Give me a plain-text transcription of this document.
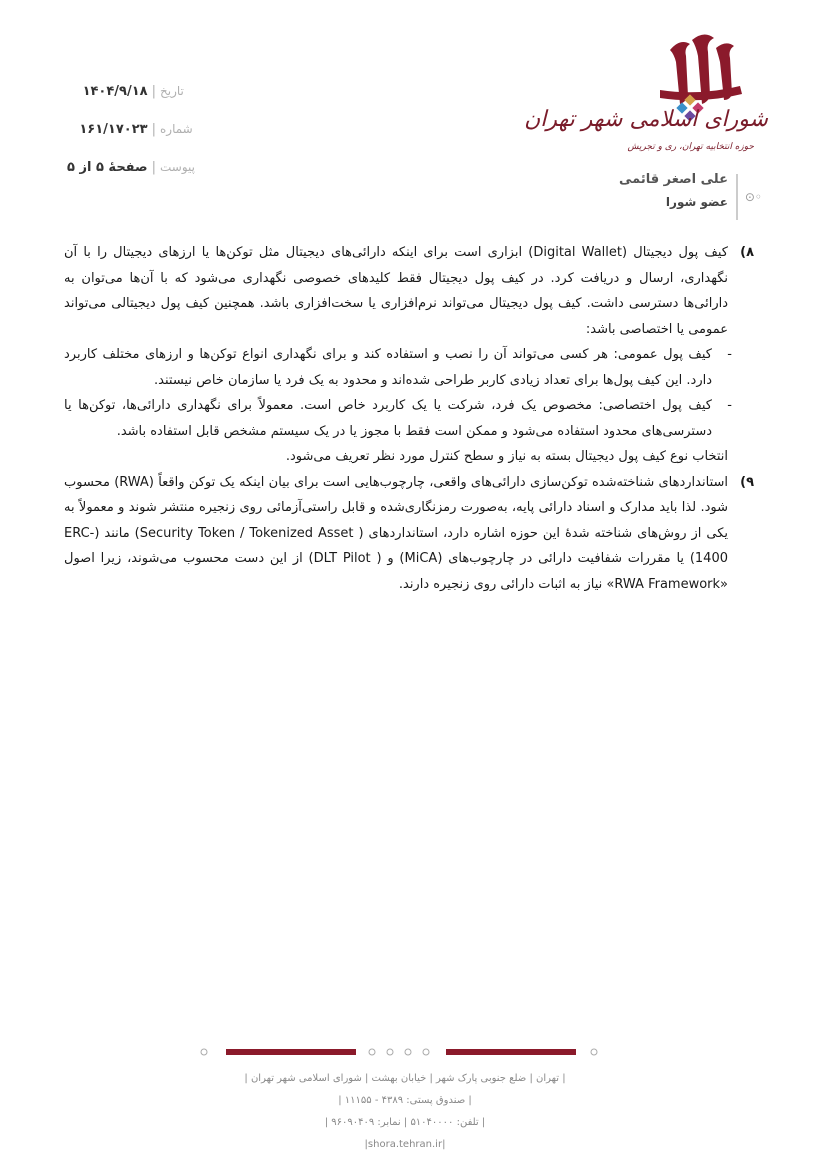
تاریخ
|
۱۴۰۴/۹/۱۸
شماره
|
۱۶۱/۱۷۰۲۳
پیوست
|
صفحهٔ ۵ از ۵
شورای اسلامی شهر تهران
حوزه انتخابیه تهران، ری و تجریش
علی اصغر قائمی
عضو شورا ⊙◦
۸)
کیف پول دیجیتال (Digital Wallet) ابزاری است برای اینکه دارائی‌های دیجیتال مثل توکن‌ها یا ارزهای دیجیتال را با آن نگهداری، ارسال و دریافت کرد. در کیف پول دیجیتال فقط کلیدهای خصوصی نگهداری می‌شود که با آن‌ها می‌توان به دارائی‌ها دسترسی داشت. کیف پول دیجیتال می‌تواند نرم‌افزاری یا سخت‌افزاری باشد. همچنین کیف پول دیجیتالی می‌تواند عمومی یا اختصاصی باشد:
-
کیف پول عمومی: هر کسی می‌تواند آن را نصب و استفاده کند و برای نگهداری انواع توکن‌ها و ارزهای مختلف کاربرد دارد. این کیف پول‌ها برای تعداد زیادی کاربر طراحی شده‌اند و محدود به یک فرد یا سازمان خاص نیستند.
-
کیف پول اختصاصی: مخصوص یک فرد، شرکت یا یک کاربرد خاص است. معمولاً برای نگهداری دارائی‌ها، توکن‌ها یا دسترسی‌های محدود استفاده می‌شود و ممکن است فقط با مجوز یا در یک سیستم مشخص قابل استفاده باشد.
انتخاب نوع کیف پول دیجیتال بسته به نیاز و سطح کنترل مورد نظر تعریف می‌شود.
۹)
استانداردهای شناخته‌شده توکن‌سازی دارائی‌های واقعی، چارچوب‌هایی است برای بیان اینکه یک توکن واقعاً (RWA) محسوب شود. لذا باید مدارک و اسناد دارائی پایه، به‌صورت رمزنگاری‌شده و قابل راستی‌آزمائی روی زنجیره منتشر شوند و معمولاً به یکی از روش‌های شناخته شدهٔ این حوزه اشاره دارد، استانداردهای ( Security Token / Tokenized Asset) مانند (ERC-1400) یا مقررات شفافیت دارائی در چارچوب‌های (MiCA) و ( DLT Pilot) از این دست محسوب می‌شوند، زیرا اصول «RWA Framework» نیاز به اثبات دارائی روی زنجیره دارند.
| تهران | ضلع جنوبی پارک شهر | خیابان بهشت | شورای اسلامی شهر تهران |
| صندوق پستی: ۴۳۸۹ - ۱۱۱۵۵ |
| تلفن: ۵۱۰۴۰۰۰۰ | نمابر: ۹۶۰۹۰۴۰۹ |
|shora.tehran.ir|
